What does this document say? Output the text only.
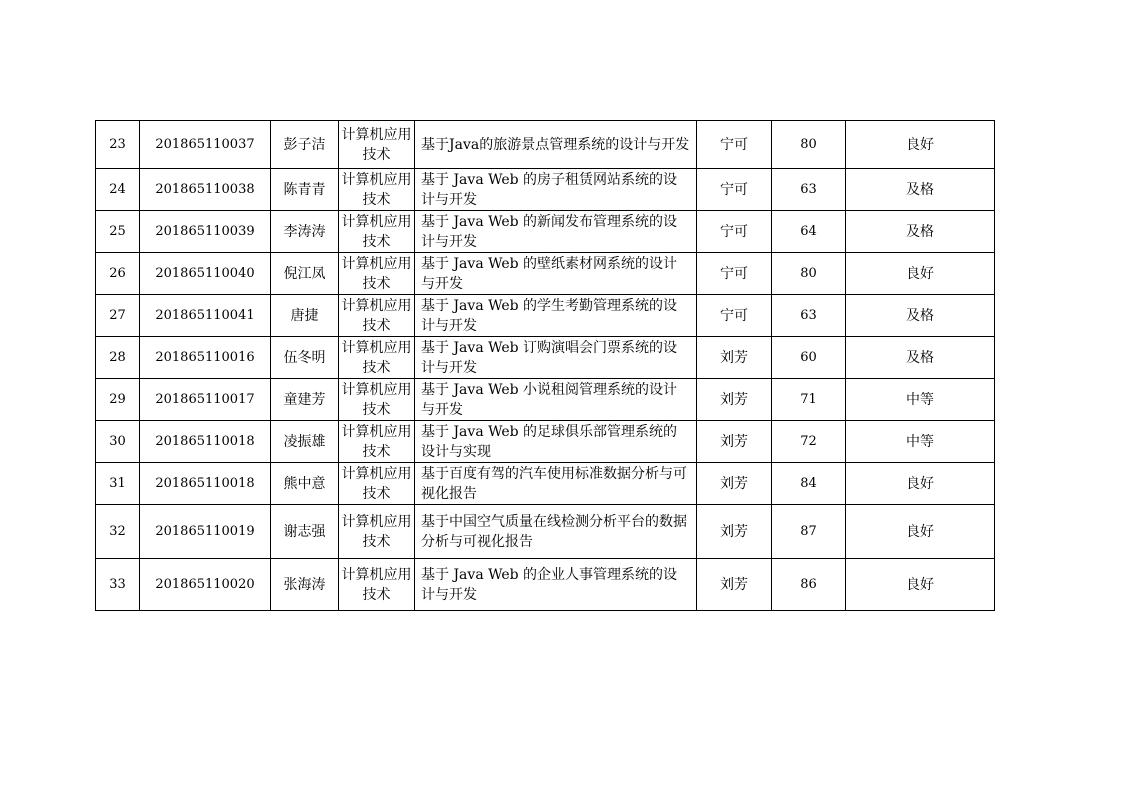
23	201865110037	彭子洁	计算机应用技术	基于Java的旅游景点管理系统的设计与开发	宁可	80	良好
24	201865110038	陈青青	计算机应用技术	基于 Java Web 的房子租赁网站系统的设计与开发	宁可	63	及格
25	201865110039	李涛涛	计算机应用技术	基于 Java Web 的新闻发布管理系统的设计与开发	宁可	64	及格
26	201865110040	倪江凤	计算机应用技术	基于 Java Web 的壁纸素材网系统的设计与开发	宁可	80	良好
27	201865110041	唐捷	计算机应用技术	基于 Java Web 的学生考勤管理系统的设计与开发	宁可	63	及格
28	201865110016	伍冬明	计算机应用技术	基于 Java Web 订购演唱会门票系统的设计与开发	刘芳	60	及格
29	201865110017	童建芳	计算机应用技术	基于 Java Web 小说租阅管理系统的设计与开发	刘芳	71	中等
30	201865110018	凌振雄	计算机应用技术	基于 Java Web 的足球俱乐部管理系统的设计与实现	刘芳	72	中等
31	201865110018	熊中意	计算机应用技术	基于百度有驾的汽车使用标准数据分析与可视化报告	刘芳	84	良好
32	201865110019	谢志强	计算机应用技术	基于中国空气质量在线检测分析平台的数据分析与可视化报告	刘芳	87	良好
33	201865110020	张海涛	计算机应用技术	基于 Java Web 的企业人事管理系统的设计与开发	刘芳	86	良好
